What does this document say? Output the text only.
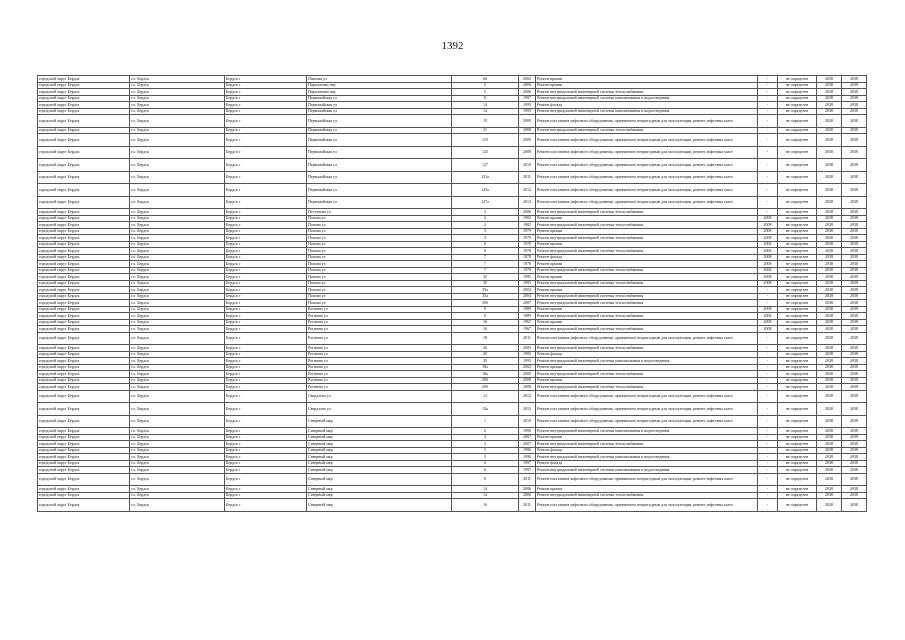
1392
городской округ Бердск	г.о. Бердск	Бердск г	Павлова ул	66	2002	Ремонт крыши	-	не определен	2038	2038
городской округ Бердск	г.о. Бердск	Бердск г	Пархоменко пер	5	2006	Ремонт крыши	-	не определен	2038	2038
городской округ Бердск	г.о. Бердск	Бердск г	Пархоменко пер	5	2006	Ремонт внутридомовой инженерной системы теплоснабжения	-	не определен	2038	2038
городской округ Бердск	г.о. Бердск	Бердск г	Первомайская ул	11	1997	Ремонт внутридомовой инженерной системы канализования и водоотведения	-	не определен	2038	2038
городской округ Бердск	г.о. Бердск	Бердск г	Первомайская ул	14	1995	Ремонт фасада	-	не определен	2038	2038
городской округ Бердск	г.о. Бердск	Бердск г	Первомайская ул	14	1995	Ремонт внутридомовой инженерной системы канализования и водоотведения	-	не определен	2038	2038
городской округ Бердск	г.о. Бердск	Бердск г	Первомайская ул	19	2009	Ремонт или замена лифтового оборудования, признанного непригодным для эксплуатации, ремонт лифтовых шахт	-	не определен	2038	2038
городской округ Бердск	г.о. Бердск	Бердск г	Первомайская ул	21	2008	Ремонт внутридомовой инженерной системы теплоснабжения	-	не определен	2038	2038
городской округ Бердск	г.о. Бердск	Бердск г	Первомайская ул	123	2009	Ремонт или замена лифтового оборудования, признанного непригодным для эксплуатации, ремонт лифтовых шахт	-	не определен	2038	2038
городской округ Бердск	г.о. Бердск	Бердск г	Первомайская ул	125	2009	Ремонт или замена лифтового оборудования, признанного непригодным для эксплуатации, ремонт лифтовых шахт	-	не определен	2038	2038
городской округ Бердск	г.о. Бердск	Бердск г	Первомайская ул	127	2010	Ремонт или замена лифтового оборудования, признанного непригодным для эксплуатации, ремонт лифтовых шахт	-	не определен	2038	2038
городской округ Бердск	г.о. Бердск	Бердск г	Первомайская ул	123а	2011	Ремонт или замена лифтового оборудования, признанного непригодным для эксплуатации, ремонт лифтовых шахт	-	не определен	2038	2038
городской округ Бердск	г.о. Бердск	Бердск г	Первомайская ул	125а	2012	Ремонт или замена лифтового оборудования, признанного непригодным для эксплуатации, ремонт лифтовых шахт	-	не определен	2038	2038
городской округ Бердск	г.о. Бердск	Бердск г	Первомайская ул	127а	2012	Ремонт или замена лифтового оборудования, признанного непригодным для эксплуатации, ремонт лифтовых шахт	-	не определен	2038	2038
городской округ Бердск	г.о. Бердск	Бердск г	Пестунова ул	3	2006	Ремонт внутридомовой инженерной системы теплоснабжения	-	не определен	2038	2038
городской округ Бердск	г.о. Бердск	Бердск г	Попова ул	2	1982	Ремонт крыши	2008	не определен	2038	2038
городской округ Бердск	г.о. Бердск	Бердск г	Попова ул	2	1982	Ремонт внутридомовой инженерной системы теплоснабжения	2008	не определен	2038	2038
городской округ Бердск	г.о. Бердск	Бердск г	Попова ул	3	1979	Ремонт крыши	2008	не определен	2038	2038
городской округ Бердск	г.о. Бердск	Бердск г	Попова ул	3	1979	Ремонт внутридомовой инженерной системы теплоснабжения	2008	не определен	2038	2038
городской округ Бердск	г.о. Бердск	Бердск г	Попова ул	6	1978	Ремонт крыши	2006	не определен	2038	2038
городской округ Бердск	г.о. Бердск	Бердск г	Попова ул	6	1978	Ремонт внутридомовой инженерной системы теплоснабжения	2006	не определен	2038	2038
городской округ Бердск	г.о. Бердск	Бердск г	Попова ул	7	1978	Ремонт фасада	2008	не определен	2038	2038
городской округ Бердск	г.о. Бердск	Бердск г	Попова ул	7	1978	Ремонт крыши	2008	не определен	2038	2038
городской округ Бердск	г.о. Бердск	Бердск г	Попова ул	7	1978	Ремонт внутридомовой инженерной системы теплоснабжения	2006	не определен	2038	2038
городской округ Бердск	г.о. Бердск	Бердск г	Попова ул	35	1995	Ремонт крыши	2008	не определен	2038	2038
городской округ Бердск	г.о. Бердск	Бердск г	Попова ул	35	1995	Ремонт внутридомовой инженерной системы теплоснабжения	2008	не определен	2038	2038
городской округ Бердск	г.о. Бердск	Бердск г	Попова ул	35а	2004	Ремонт крыши	-	не определен	2038	2038
городской округ Бердск	г.о. Бердск	Бердск г	Попова ул	35а	2004	Ремонт внутридомовой инженерной системы теплоснабжения	-	не определен	2038	2038
городской округ Бердск	г.о. Бердск	Бердск г	Попова ул	35б	2007	Ремонт внутридомовой инженерной системы теплоснабжения	-	не определен	2038	2038
городской округ Бердск	г.о. Бердск	Бердск г	Рогачева ул	8	1989	Ремонт крыши	2008	не определен	2038	2038
городской округ Бердск	г.о. Бердск	Бердск г	Рогачева ул	8	1989	Ремонт внутридомовой инженерной системы теплоснабжения	2006	не определен	2038	2038
городской округ Бердск	г.о. Бердск	Бердск г	Рогачева ул	16	1967	Ремонт крыши	2008	не определен	2038	2038
городской округ Бердск	г.о. Бердск	Бердск г	Рогачева ул	16	1967	Ремонт внутридомовой инженерной системы теплоснабжения	2008	не определен	2038	2038
городской округ Бердск	г.о. Бердск	Бердск г	Рогачева ул	18	2011	Ремонт или замена лифтового оборудования, признанного непригодным для эксплуатации, ремонт лифтовых шахт	-	не определен	2038	2038
городской округ Бердск	г.о. Бердск	Бердск г	Рогачева ул	20	2005	Ремонт внутридомовой инженерной системы теплоснабжения	-	не определен	2038	2038
городской округ Бердск	г.о. Бердск	Бердск г	Рогачева ул	45	1995	Ремонт фасада	-	не определен	2038	2038
городской округ Бердск	г.о. Бердск	Бердск г	Рогачева ул	45	1995	Ремонт внутридомовой инженерной системы канализования и водоотведения	-	не определен	2038	2038
городской округ Бердск	г.о. Бердск	Бердск г	Рогачева ул	18а	2002	Ремонт крыши	-	не определен	2038	2038
городской округ Бердск	г.о. Бердск	Бердск г	Рогачева ул	18а	2000	Ремонт внутридомовой инженерной системы теплоснабжения	-	не определен	2038	2038
городской округ Бердск	г.о. Бердск	Бердск г	Рогачева ул	20б	2008	Ремонт крыши	-	не определен	2038	2038
городской округ Бердск	г.о. Бердск	Бердск г	Рогачева ул	20б	2008	Ремонт внутридомовой инженерной системы теплоснабжения	-	не определен	2038	2038
городской округ Бердск	г.о. Бердск	Бердск г	Свердлова ул	12	2012	Ремонт или замена лифтового оборудования, признанного непригодным для эксплуатации, ремонт лифтовых шахт	-	не определен	2038	2038
городской округ Бердск	г.о. Бердск	Бердск г	Свердлова ул	12а	2012	Ремонт или замена лифтового оборудования, признанного непригодным для эксплуатации, ремонт лифтовых шахт	-	не определен	2038	2038
городской округ Бердск	г.о. Бердск	Бердск г	Северный мкр	1	2010	Ремонт или замена лифтового оборудования, признанного непригодным для эксплуатации, ремонт лифтовых шахт	-	не определен	2038	2038
городской округ Бердск	г.о. Бердск	Бердск г	Северный мкр	2	1996	Ремонт внутридомовой инженерной системы канализования и водоотведения	-	не определен	2038	2038
городской округ Бердск	г.о. Бердск	Бердск г	Северный мкр	3	2007	Ремонт крыши	-	не определен	2038	2038
городской округ Бердск	г.о. Бердск	Бердск г	Северный мкр	3	2007	Ремонт внутридомовой инженерной системы теплоснабжения	-	не определен	2038	2038
городской округ Бердск	г.о. Бердск	Бердск г	Северный мкр	5	1996	Ремонт фасада	-	не определен	2038	2038
городской округ Бердск	г.о. Бердск	Бердск г	Северный мкр	5	1996	Ремонт внутридомовой инженерной системы канализования и водоотведения	-	не определен	2038	2038
городской округ Бердск	г.о. Бердск	Бердск г	Северный мкр	6	1997	Ремонт фасада	-	не определен	2038	2038
городской округ Бердск	г.о. Бердск	Бердск г	Северный мкр	6	1997	Ремонт внутридомовой инженерной системы канализования и водоотведения	-	не определен	2038	2038
городской округ Бердск	г.о. Бердск	Бердск г	Северный мкр	8	2011	Ремонт или замена лифтового оборудования, признанного непригодным для эксплуатации, ремонт лифтовых шахт	-	не определен	2038	2038
городской округ Бердск	г.о. Бердск	Бердск г	Северный мкр	14	2006	Ремонт крыши	-	не определен	2038	2038
городской округ Бердск	г.о. Бердск	Бердск г	Северный мкр	14	2006	Ремонт внутридомовой инженерной системы теплоснабжения	-	не определен	2038	2038
городской округ Бердск	г.о. Бердск	Бердск г	Северный мкр	16	2011	Ремонт или замена лифтового оборудования, признанного непригодным для эксплуатации, ремонт лифтовых шахт	-	не определен	2038	2038
